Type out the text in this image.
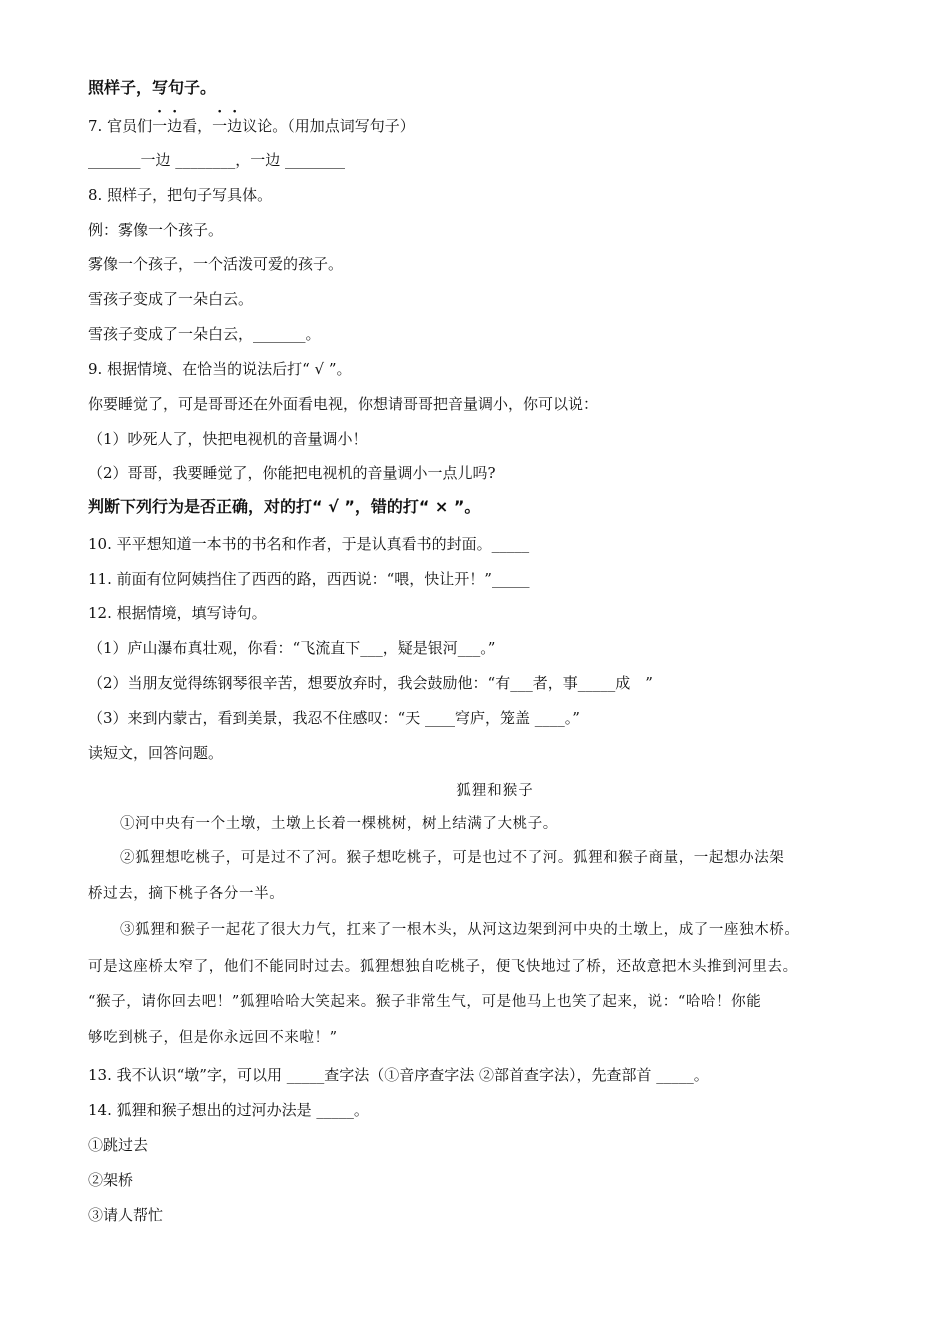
照样子，写句子。
7. 官员们一边看，一边议论。（用加点词写句子）
_______一边 ________，一边 ________
8. 照样子，把句子写具体。
例：雾像一个孩子。
雾像一个孩子，一个活泼可爱的孩子。
雪孩子变成了一朵白云。
雪孩子变成了一朵白云，_______。
9. 根据情境、在恰当的说法后打“ √ ”。
你要睡觉了，可是哥哥还在外面看电视，你想请哥哥把音量调小，你可以说：
（1）吵死人了，快把电视机的音量调小！
（2）哥哥，我要睡觉了，你能把电视机的音量调小一点儿吗?
判断下列行为是否正确，对的打“ √ ”，错的打“ × ”。
10. 平平想知道一本书的书名和作者，于是认真看书的封面。_____
11. 前面有位阿姨挡住了西西的路，西西说：“喂，快让开！”_____
12. 根据情境，填写诗句。
（1）庐山瀑布真壮观，你看：“飞流直下___，疑是银河___。”
（2）当朋友觉得练钢琴很辛苦，想要放弃时，我会鼓励他：“有___者，事_____成　”
（3）来到内蒙古，看到美景，我忍不住感叹：“天 ____穹庐，笼盖 ____。”
读短文，回答问题。
狐狸和猴子
①河中央有一个土墩，土墩上长着一棵桃树，树上结满了大桃子。
②狐狸想吃桃子，可是过不了河。猴子想吃桃子，可是也过不了河。狐狸和猴子商量，一起想办法架
桥过去，摘下桃子各分一半。
③狐狸和猴子一起花了很大力气，扛来了一根木头，从河这边架到河中央的土墩上，成了一座独木桥。
可是这座桥太窄了，他们不能同时过去。狐狸想独自吃桃子，便飞快地过了桥，还故意把木头推到河里去。
“猴子，请你回去吧！”狐狸哈哈大笑起来。猴子非常生气，可是他马上也笑了起来，说：“哈哈！你能
够吃到桃子，但是你永远回不来啦！”
13. 我不认识“墩”字，可以用 _____查字法（①音序查字法 ②部首查字法），先查部首 _____。
14. 狐狸和猴子想出的过河办法是 _____。
①跳过去
②架桥
③请人帮忙
